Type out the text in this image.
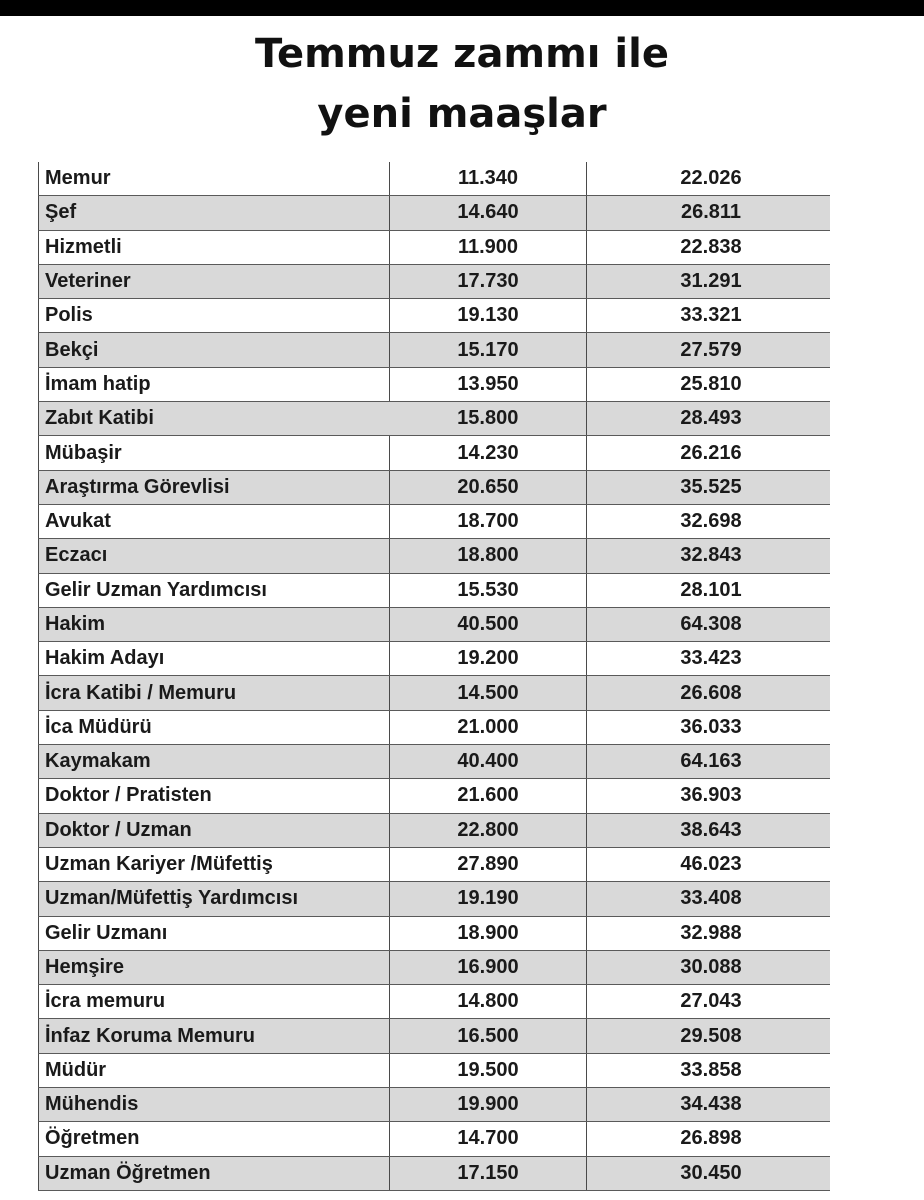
Temmuz zammı ile
yeni maaşlar
Memur	11.340	22.026
Şef	14.640	26.811
Hizmetli	11.900	22.838
Veteriner	17.730	31.291
Polis	19.130	33.321
Bekçi	15.170	27.579
İmam hatip	13.950	25.810
Zabıt Katibi	15.800	28.493
Mübaşir	14.230	26.216
Araştırma Görevlisi	20.650	35.525
Avukat	18.700	32.698
Eczacı	18.800	32.843
Gelir Uzman Yardımcısı	15.530	28.101
Hakim	40.500	64.308
Hakim Adayı	19.200	33.423
İcra Katibi / Memuru	14.500	26.608
İca Müdürü	21.000	36.033
Kaymakam	40.400	64.163
Doktor / Pratisten	21.600	36.903
Doktor / Uzman	22.800	38.643
Uzman Kariyer /Müfettiş	27.890	46.023
Uzman/Müfettiş Yardımcısı	19.190	33.408
Gelir Uzmanı	18.900	32.988
Hemşire	16.900	30.088
İcra memuru	14.800	27.043
İnfaz Koruma Memuru	16.500	29.508
Müdür	19.500	33.858
Mühendis	19.900	34.438
Öğretmen	14.700	26.898
Uzman Öğretmen	17.150	30.450
